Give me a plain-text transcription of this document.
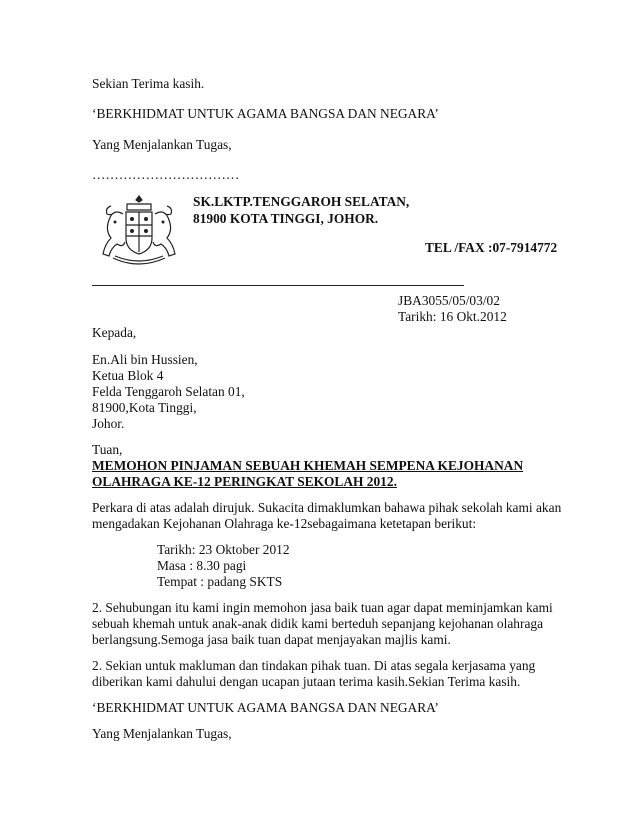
Sekian Terima kasih.
‘BERKHIDMAT UNTUK AGAMA BANGSA DAN NEGARA’
Yang Menjalankan Tugas,
……………………………
SK.LKTP.TENGGAROH SELATAN,
81900 KOTA TINGGI, JOHOR.
TEL /FAX :07-7914772
JBA3055/05/03/02
Tarikh: 16 Okt.2012
Kepada,
En.Ali bin Hussien,
Ketua Blok 4
Felda Tenggaroh Selatan 01,
81900,Kota Tinggi,
Johor.
Tuan,
MEMOHON PINJAMAN SEBUAH KHEMAH SEMPENA KEJOHANAN
OLAHRAGA KE-12 PERINGKAT SEKOLAH 2012.
Perkara di atas adalah dirujuk. Sukacita dimaklumkan bahawa pihak sekolah kami akan
mengadakan Kejohanan Olahraga ke-12sebagaimana ketetapan berikut:
Tarikh: 23 Oktober 2012
Masa : 8.30 pagi
Tempat : padang SKTS
2. Sehubungan itu kami ingin memohon jasa baik tuan agar dapat meminjamkan kami
sebuah khemah untuk anak-anak didik kami berteduh sepanjang kejohanan olahraga
berlangsung.Semoga jasa baik tuan dapat menjayakan majlis kami.
2. Sekian untuk makluman dan tindakan pihak tuan. Di atas segala kerjasama yang
diberikan kami dahului dengan ucapan jutaan terima kasih.Sekian Terima kasih.
‘BERKHIDMAT UNTUK AGAMA BANGSA DAN NEGARA’
Yang Menjalankan Tugas,
